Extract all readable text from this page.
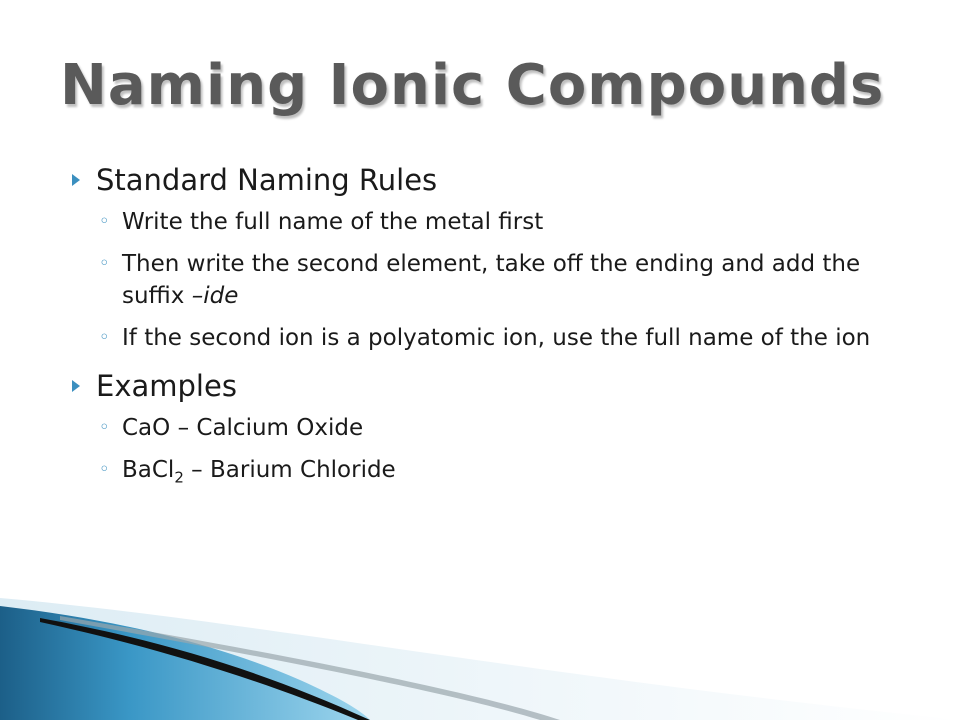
Naming Ionic Compounds
Standard Naming Rules
◦ Write the full name of the metal first
◦ Then write the second element, take off the ending and add the suffix –ide
◦ If the second ion is a polyatomic ion, use the full name of the ion
Examples
◦ CaO – Calcium Oxide
◦ BaCl$_2$ – Barium Chloride
